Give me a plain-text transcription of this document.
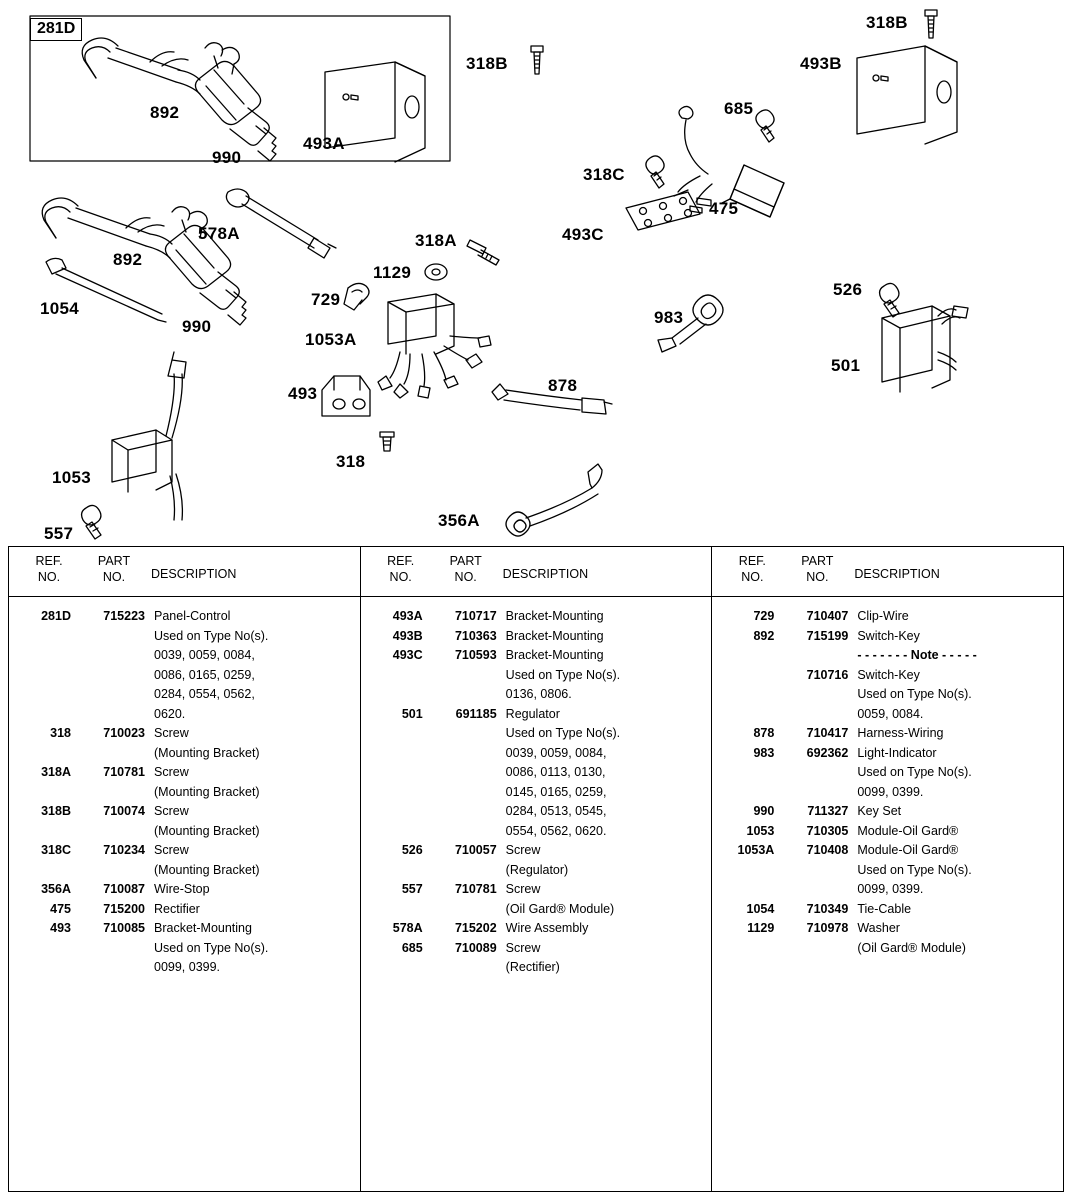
281D
892
990
493A
318B
318B
493B
685
318C
475
493C
578A
892
318A
1129
729
1054
990
1053A
983
526
501
493	878
1053
318
557
356A
REF.
NO.
PART
NO.	DESCRIPTION
281D	715223 Panel-Control
Used on Type No(s).
0039, 0059, 0084,
0086, 0165, 0259,
0284, 0554, 0562,
0620.
318	710023 Screw
(Mounting Bracket)
318A	710781 Screw
(Mounting Bracket)
318B	710074 Screw
(Mounting Bracket)
318C	710234 Screw
(Mounting Bracket)
356A	710087 Wire-Stop
475	715200 Rectifier
493	710085 Bracket-Mounting
Used on Type No(s).
0099, 0399.
REF.
NO.
PART
NO.	DESCRIPTION
493A	710717 Bracket-Mounting
493B	710363 Bracket-Mounting
493C	710593 Bracket-Mounting
Used on Type No(s).
0136, 0806.
501	691185 Regulator
Used on Type No(s).
0039, 0059, 0084,
0086, 0113, 0130,
0145, 0165, 0259,
0284, 0513, 0545,
0554, 0562, 0620.
526	710057 Screw
(Regulator)
557	710781 Screw
(Oil Gard® Module)
578A	715202 Wire Assembly
685	710089 Screw
(Rectifier)
REF.
NO.
PART
NO.	DESCRIPTION
729	710407 Clip-Wire
892	715199 Switch-Key
- - - - - - - Note - - - - -
710716 Switch-Key
Used on Type No(s).
0059, 0084.
878	710417 Harness-Wiring
983	692362 Light-Indicator
Used on Type No(s).
0099, 0399.
990	711327 Key Set
1053	710305 Module-Oil Gard®
1053A	710408 Module-Oil Gard®
Used on Type No(s).
0099, 0399.
1054	710349 Tie-Cable
1129	710978 Washer
(Oil Gard® Module)
